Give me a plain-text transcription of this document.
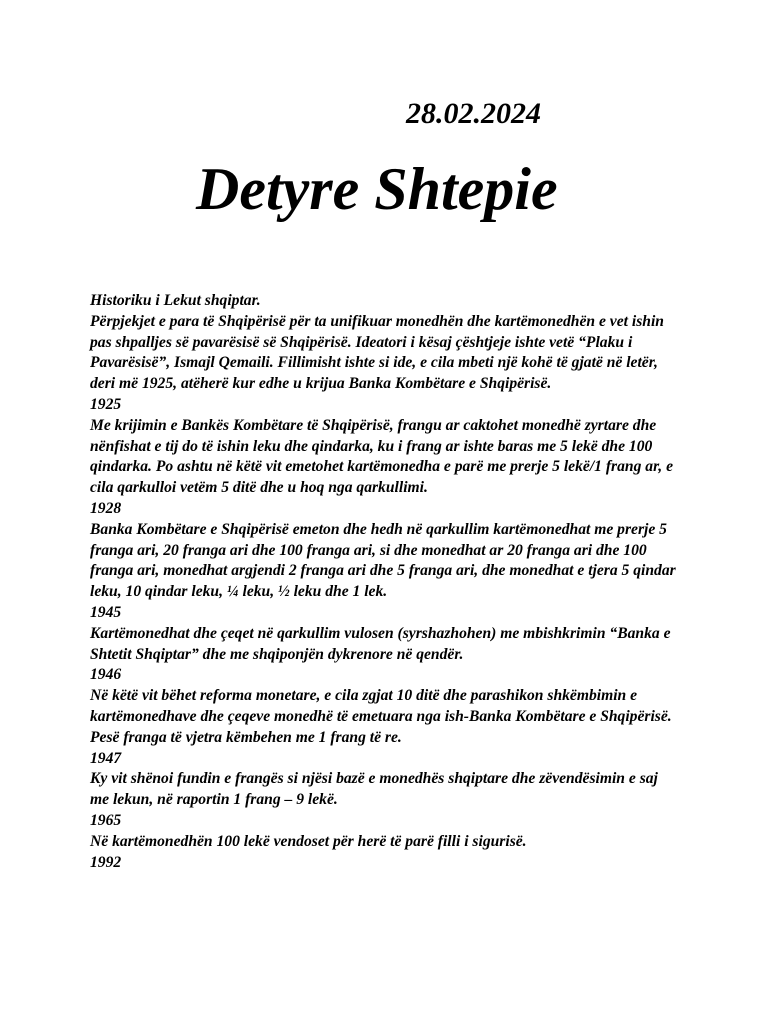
28.02.2024
Detyre Shtepie

Historiku i Lekut shqiptar.

Përpjekjet e para të Shqipërisë për ta unifikuar monedhën dhe kartëmonedhën e vet ishin pas shpalljes së pavarësisë së Shqipërisë. Ideatori i kësaj çështjeje ishte vetë “Plaku i Pavarësisë”, Ismajl Qemaili. Fillimisht ishte si ide, e cila mbeti një kohë të gjatë në letër, deri më 1925, atëherë kur edhe u krijua Banka Kombëtare e Shqipërisë.

1925

Me krijimin e Bankës Kombëtare të Shqipërisë, frangu ar caktohet monedhë zyrtare dhe nënfishat e tij do të ishin leku dhe qindarka, ku i frang ar ishte baras me 5 lekë dhe 100 qindarka. Po ashtu në këtë vit emetohet kartëmonedha e parë me prerje 5 lekë/1 frang ar, e cila qarkulloi vetëm 5 ditë dhe u hoq nga qarkullimi.

1928

Banka Kombëtare e Shqipërisë emeton dhe hedh në qarkullim kartëmonedhat me prerje 5 franga ari, 20 franga ari dhe 100 franga ari, si dhe monedhat ar 20 franga ari dhe 100 franga ari, monedhat argjendi 2 franga ari dhe 5 franga ari, dhe monedhat e tjera 5 qindar leku, 10 qindar leku, ¼ leku, ½ leku dhe 1 lek.

1945

Kartëmonedhat dhe çeqet në qarkullim vulosen (syrshazhohen) me mbishkrimin “Banka e Shtetit Shqiptar” dhe me shqiponjën dykrenore në qendër.

1946

Në këtë vit bëhet reforma monetare, e cila zgjat 10 ditë dhe parashikon shkëmbimin e kartëmonedhave dhe çeqeve monedhë të emetuara nga ish-Banka Kombëtare e Shqipërisë. Pesë franga të vjetra këmbehen me 1 frang të re.

1947

Ky vit shënoi fundin e frangës si njësi bazë e monedhës shqiptare dhe zëvendësimin e saj me lekun, në raportin 1 frang – 9 lekë.

1965

Në kartëmonedhën 100 lekë vendoset për herë të parë filli i sigurisë.

1992
